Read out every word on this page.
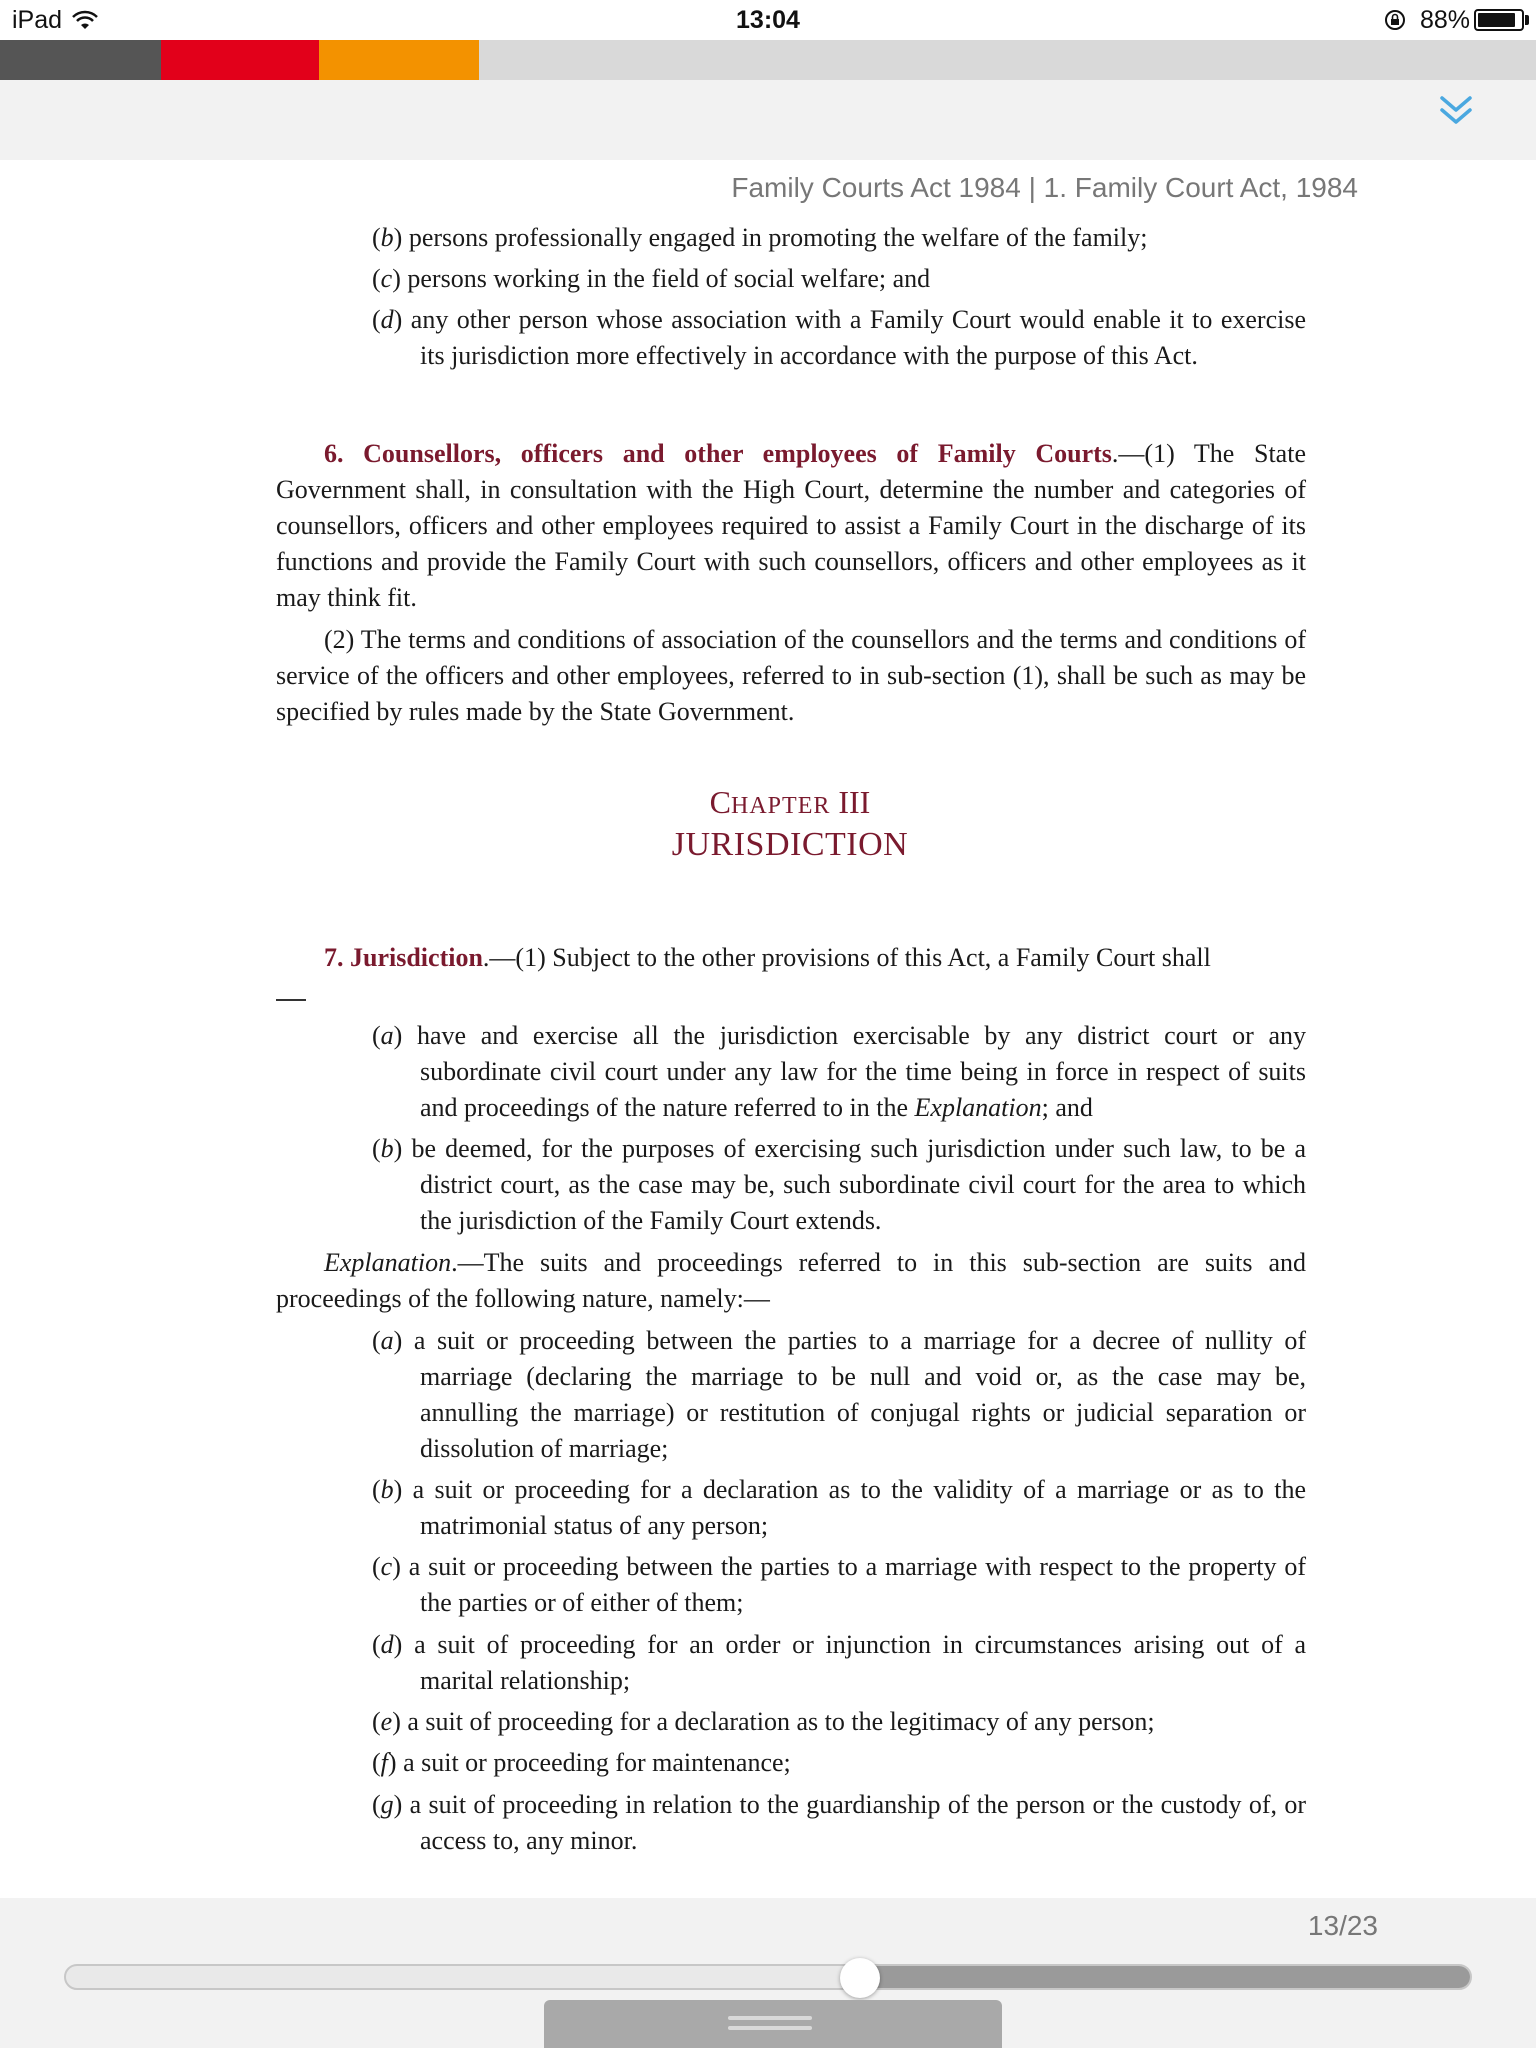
iPad	13:04	88%
Family Courts Act 1984 | 1. Family Court Act, 1984
(b) persons professionally engaged in promoting the welfare of the family;
(c) persons working in the field of social welfare; and
(d) any other person whose association with a Family Court would enable it to exercise its jurisdiction more effectively in accordance with the purpose of this Act.
6. Counsellors, officers and other employees of Family Courts.—(1) The State Government shall, in consultation with the High Court, determine the number and categories of counsellors, officers and other employees required to assist a Family Court in the discharge of its functions and provide the Family Court with such counsellors, officers and other employees as it may think fit.
(2) The terms and conditions of association of the counsellors and the terms and conditions of service of the officers and other employees, referred to in sub-section (1), shall be such as may be specified by rules made by the State Government.
CHAPTER III
JURISDICTION
7. Jurisdiction.—(1) Subject to the other provisions of this Act, a Family Court shall
(a) have and exercise all the jurisdiction exercisable by any district court or any subordinate civil court under any law for the time being in force in respect of suits and proceedings of the nature referred to in the Explanation; and
(b) be deemed, for the purposes of exercising such jurisdiction under such law, to be a district court, as the case may be, such subordinate civil court for the area to which the jurisdiction of the Family Court extends.
Explanation.—The suits and proceedings referred to in this sub-section are suits and proceedings of the following nature, namely:—
(a) a suit or proceeding between the parties to a marriage for a decree of nullity of marriage (declaring the marriage to be null and void or, as the case may be, annulling the marriage) or restitution of conjugal rights or judicial separation or dissolution of marriage;
(b) a suit or proceeding for a declaration as to the validity of a marriage or as to the matrimonial status of any person;
(c) a suit or proceeding between the parties to a marriage with respect to the property of the parties or of either of them;
(d) a suit of proceeding for an order or injunction in circumstances arising out of a marital relationship;
(e) a suit of proceeding for a declaration as to the legitimacy of any person;
(f) a suit or proceeding for maintenance;
(g) a suit of proceeding in relation to the guardianship of the person or the custody of, or access to, any minor.
13/23
